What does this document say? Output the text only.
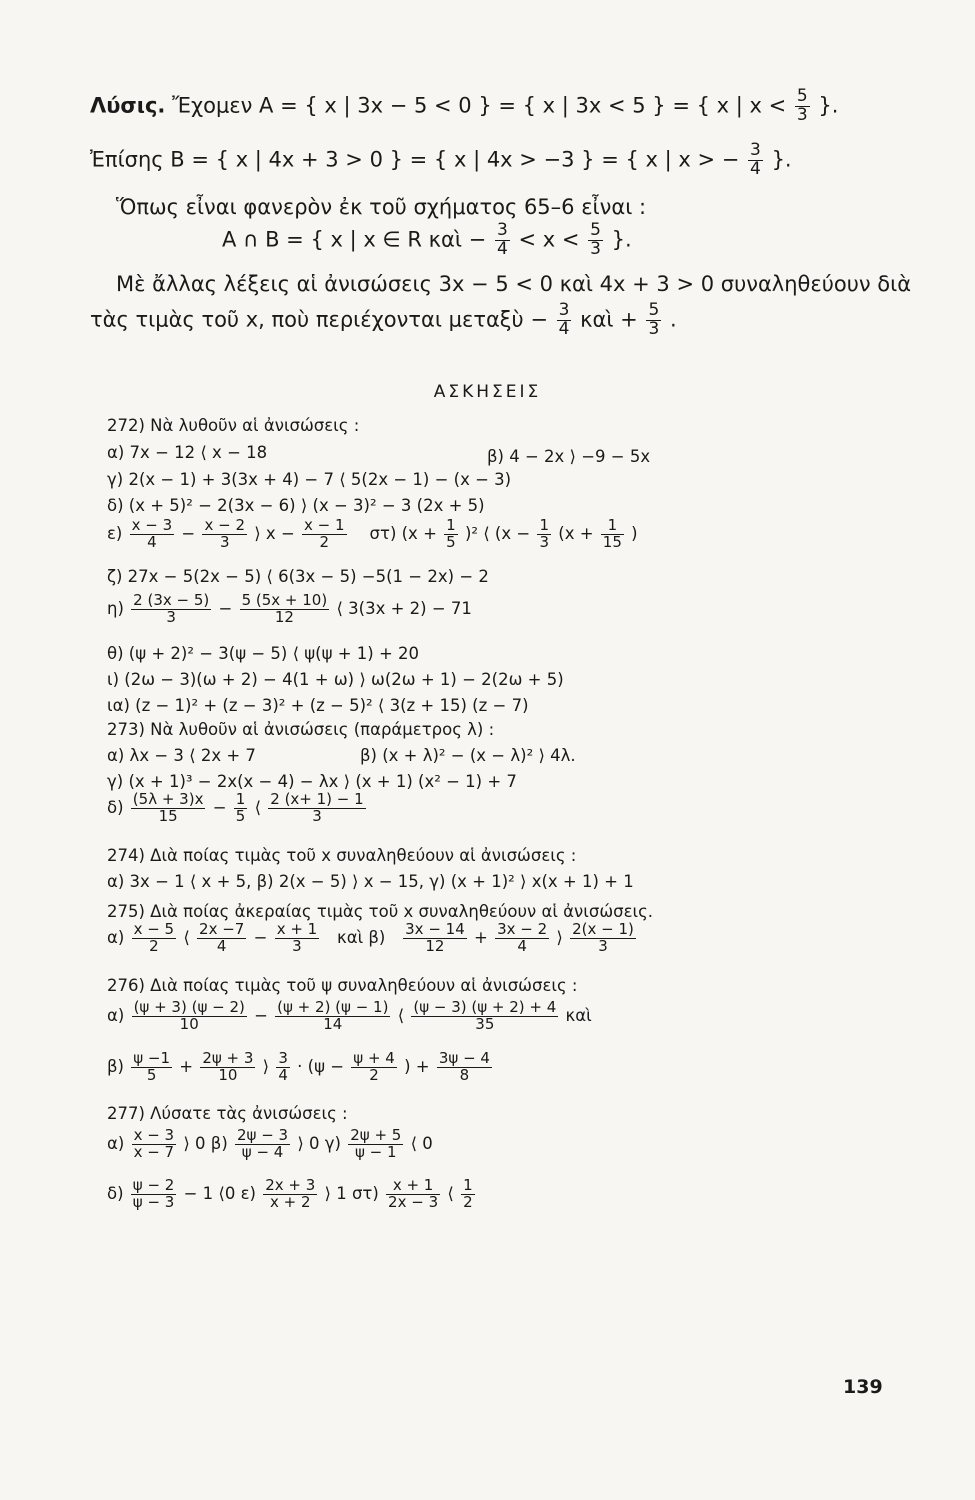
Λύσις. Ἔχομεν A = { x | 3x − 5 < 0 } = { x | 3x < 5 } = { x | $x < \frac{5}{3}$ }.
Ἐπίσης B = { x | 4x + 3 > 0 } = { x | 4x > −3 } = { x | x > − $\frac{3}{4}$ }.
Ὅπως εἶναι φανερὸν ἐκ τοῦ σχήματος 65–6 εἶναι :
A ∩ B = { x | x ∈ R καὶ − $\frac{3}{4} < x < \frac{5}{3}$ }.
Μὲ ἄλλας λέξεις αἱ ἀνισώσεις 3x − 5 < 0 καὶ 4x + 3 > 0 συναληθεύουν διὰ
τὰς τιμὰς τοῦ x, ποὺ περιέχονται μεταξὺ − $\frac{3}{4}$ καὶ + $\frac{5}{3}$ .
ΑΣΚΗΣΕΙΣ
272) Νὰ λυθοῦν αἱ ἀνισώσεις :
α) 7x − 12 ⟨ x − 18	β) 4 − 2x ⟩ −9 − 5x
γ) 2(x − 1) + 3(3x + 4) − 7 ⟨ 5(2x − 1) − (x − 3)
δ) (x + 5)² − 2(3x − 6) ⟩ (x − 3)² − 3 (2x + 5)
$\varepsilon) \frac{x - 3}{4} - \frac{x - 2}{3}$ ⟩ $x - \frac{x - 1}{2} \sigma\tau$) $(x + \frac{1}{5} )^2$ ⟨ ($x - \frac{1}{3} (x + \frac{1}{15}$ )
ζ) 27x − 5(2x − 5) ⟨ 6(3x − 5) −5(1 − 2x) − 2
$\eta) \frac{2 (3x - 5)}{3} - \frac{5 (5x + 10)}{12}$ ⟨ 3(3x + 2) − 71
θ) (ψ + 2)² − 3(ψ − 5) ⟨ ψ(ψ + 1) + 20
ι) (2ω − 3)(ω + 2) − 4(1 + ω) ⟩ ω(2ω + 1) − 2(2ω + 5)
ια) (z − 1)² + (z − 3)² + (z − 5)² ⟨ 3(z + 15) (z − 7)
273) Νὰ λυθοῦν αἱ ἀνισώσεις (παράμετρος λ) :
α) λx − 3 ⟨ 2x + 7	β) (x + λ)² − (x − λ)² ⟩ 4λ.
γ) (x + 1)³ − 2x(x − 4) − λx ⟩ (x + 1) (x² − 1) + 7
$\delta) \frac{(5\lambda + 3)x}{15} - \frac{1}{5}$ ⟨ $\frac{2 (x+ 1) - 1}{3}$
274) Διὰ ποίας τιμὰς τοῦ x συναληθεύουν αἱ ἀνισώσεις :
α) 3x − 1 ⟨ x + 5, β) 2(x − 5) ⟩ x − 15, γ) (x + 1)² ⟩ x(x + 1) + 1
275) Διὰ ποίας ἀκεραίας τιμὰς τοῦ x συναληθεύουν αἱ ἀνισώσεις.
$\alpha) \frac{x - 5}{2}$ ⟨ $\frac{2x -7}{4} - \frac{x + 1}{3}$ καὶ $\beta) \frac{3x - 14}{12} + \frac{3x - 2}{4}$ ⟩ $\frac{2(x - 1)}{3}$
276) Διὰ ποίας τιμὰς τοῦ ψ συναληθεύουν αἱ ἀνισώσεις :
$\alpha) \frac{(\psi + 3) (\psi - 2)}{10} - \frac{(\psi + 2) (\psi - 1)}{14}$ ⟨ $\frac{(\psi - 3) (\psi + 2) + 4}{35}$ καὶ
$\beta) \frac{\psi -1}{5} + \frac{2\psi + 3}{10}$ ⟩ $\frac{3}{4} \cdot (\psi - \frac{\psi + 4}{2}$ ) + $\frac{3\psi - 4}{8}$
277) Λύσατε τὰς ἀνισώσεις :
$\alpha) \frac{x - 3}{x - 7}$ ⟩ 0 $\beta) \frac{2\psi - 3}{\psi - 4}$ ⟩ 0 $\gamma) \frac{2\psi + 5}{\psi - 1}$ ⟨ 0
$\delta) \frac{\psi - 2}{\psi - 3} - 1$ ⟨0 $\varepsilon) \frac{2x + 3}{x + 2}$ ⟩ 1 $\sigma\tau) \frac{x + 1}{2x - 3}$ ⟨ $\frac{1}{2}$
139
